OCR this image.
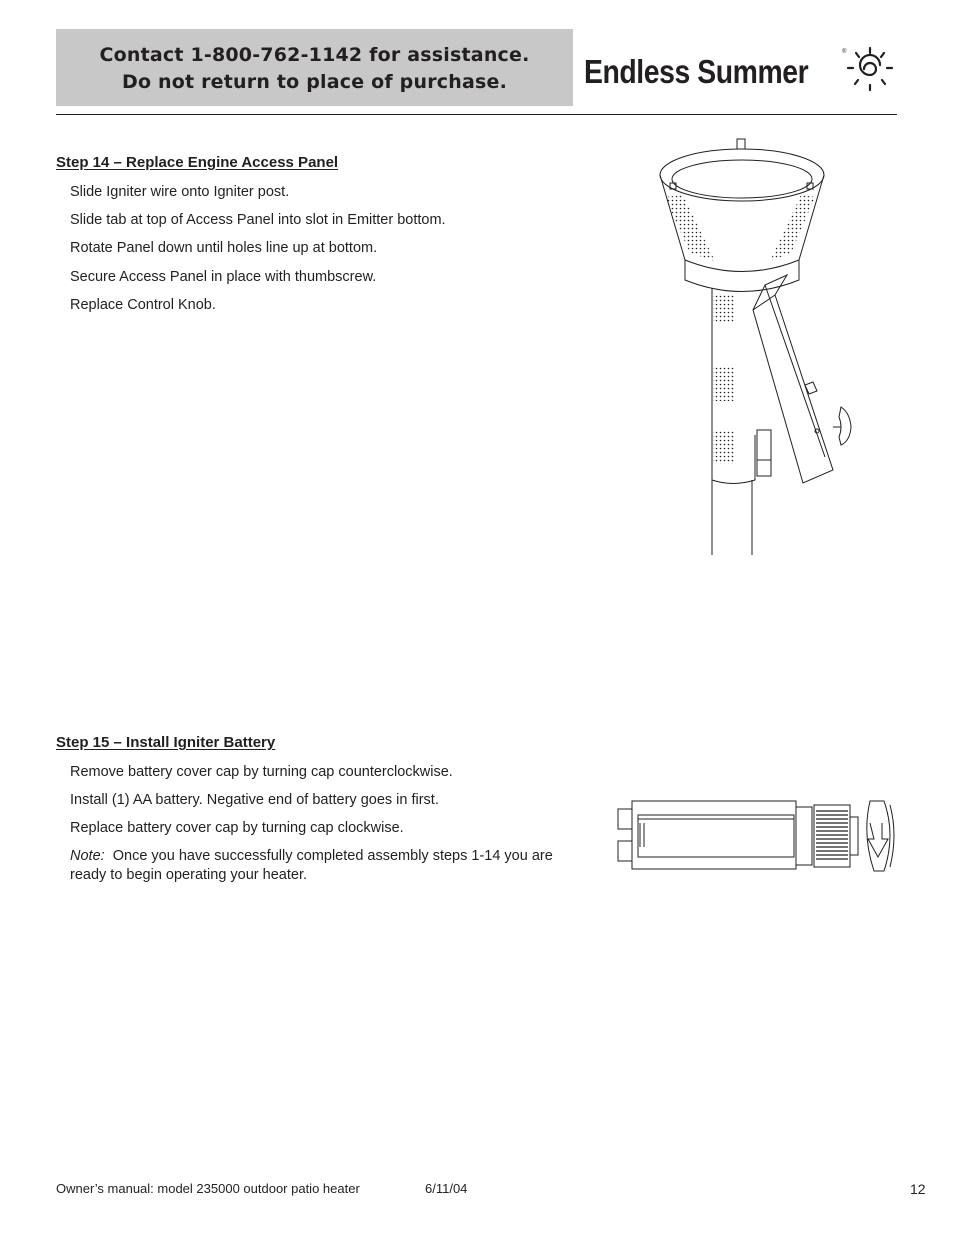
Contact 1-800-762-1142 for assistance.
Do not return to place of purchase.	Endless Summer
®
Step 14 – Replace Engine Access Panel
Slide Igniter wire onto Igniter post.
Slide tab at top of Access Panel into slot in Emitter bottom.
Rotate Panel down until holes line up at bottom.
Secure Access Panel in place with thumbscrew.
Replace Control Knob.
Step 15 – Install Igniter Battery
Remove battery cover cap by turning cap counterclockwise.
Install (1) AA battery. Negative end of battery goes in first.
Replace battery cover cap by turning cap clockwise.
Note: Once you have successfully completed assembly steps 1-14 you are ready to begin operating your heater.
Owner’s manual: model 235000 outdoor patio heater	6/11/04	12
